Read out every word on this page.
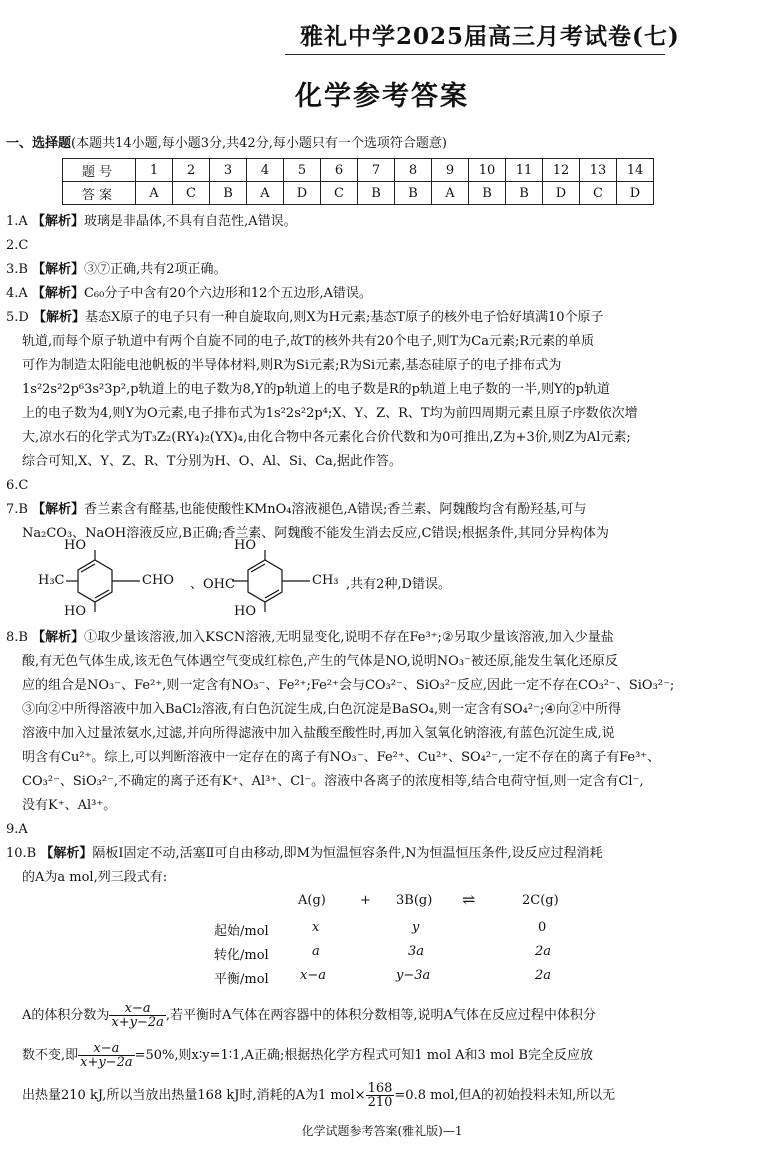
雅礼中学2025届高三月考试卷(七)
化学参考答案
一、选择题(本题共14小题,每小题3分,共42分,每小题只有一个选项符合题意)
题号	1	2	3	4	5	6	7	8	9	10	11	12	13	14
答案	A	C	B	A	D	C	B	B	A	B	B	D	C	D
1.A 【解析】玻璃是非晶体,不具有自范性,A错误。
2.C
3.B 【解析】③⑦正确,共有2项正确。
4.A 【解析】C₆₀分子中含有20个六边形和12个五边形,A错误。
5.D 【解析】基态X原子的电子只有一种自旋取向,则X为H元素;基态T原子的核外电子恰好填满10个原子
轨道,而每个原子轨道中有两个自旋不同的电子,故T的核外共有20个电子,则T为Ca元素;R元素的单质
可作为制造太阳能电池帆板的半导体材料,则R为Si元素;R为Si元素,基态硅原子的电子排布式为
1s²2s²2p⁶3s²3p²,p轨道上的电子数为8,Y的p轨道上的电子数是R的p轨道上电子数的一半,则Y的p轨道
上的电子数为4,则Y为O元素,电子排布式为1s²2s²2p⁴;X、Y、Z、R、T均为前四周期元素且原子序数依次增
大,凉水石的化学式为T₃Z₂(RY₄)₂(YX)₄,由化合物中各元素化合价代数和为0可推出,Z为+3价,则Z为Al元素;
综合可知,X、Y、Z、R、T分别为H、O、Al、Si、Ca,据此作答。
6.C
7.B 【解析】香兰素含有醛基,也能使酸性KMnO₄溶液褪色,A错误;香兰素、阿魏酸均含有酚羟基,可与
Na₂CO₃、NaOH溶液反应,B正确;香兰素、阿魏酸不能发生消去反应,C错误;根据条件,其同分异构体为
HO
H₃C	CHO
HO
HO
、OHC	CH₃
HO
,共有2种,D错误。
8.B 【解析】①取少量该溶液,加入KSCN溶液,无明显变化,说明不存在Fe³⁺;②另取少量该溶液,加入少量盐
酸,有无色气体生成,该无色气体遇空气变成红棕色,产生的气体是NO,说明NO₃⁻被还原,能发生氧化还原反
应的组合是NO₃⁻、Fe²⁺,则一定含有NO₃⁻、Fe²⁺;Fe²⁺会与CO₃²⁻、SiO₃²⁻反应,因此一定不存在CO₃²⁻、SiO₃²⁻;
③向②中所得溶液中加入BaCl₂溶液,有白色沉淀生成,白色沉淀是BaSO₄,则一定含有SO₄²⁻;④向②中所得
溶液中加入过量浓氨水,过滤,并向所得滤液中加入盐酸至酸性时,再加入氢氧化钠溶液,有蓝色沉淀生成,说
明含有Cu²⁺。综上,可以判断溶液中一定存在的离子有NO₃⁻、Fe²⁺、Cu²⁺、SO₄²⁻,一定不存在的离子有Fe³⁺、
CO₃²⁻、SiO₃²⁻,不确定的离子还有K⁺、Al³⁺、Cl⁻。溶液中各离子的浓度相等,结合电荷守恒,则一定含有Cl⁻,
没有K⁺、Al³⁺。
9.A
10.B 【解析】隔板Ⅰ固定不动,活塞Ⅱ可自由移动,即M为恒温恒容条件,N为恒温恒压条件,设反应过程消耗
的A为a mol,列三段式有:
A(g)	+ 3B(g) ⇌	2C(g)
起始/mol	x	y	0
转化/mol	a	3a	2a
平衡/mol x−a	y−3a	2a
A的体积分数为 $\frac{x-a}{x+y-2a}$ ,若平衡时A气体在两容器中的体积分数相等,说明A气体在反应过程中体积分
数不变,即 $\frac{x-a}{x+y-2a} =50\%$,则x∶y=1∶1,A正确;根据热化学方程式可知1 mol A和3 mol B完全反应放
出热量210 kJ,所以当放出热量168 kJ时,消耗的A为1 $mol\times \frac{168}{210} =0.8$ mol,但A的初始投料未知,所以无
化学试题参考答案(雅礼版)—1
